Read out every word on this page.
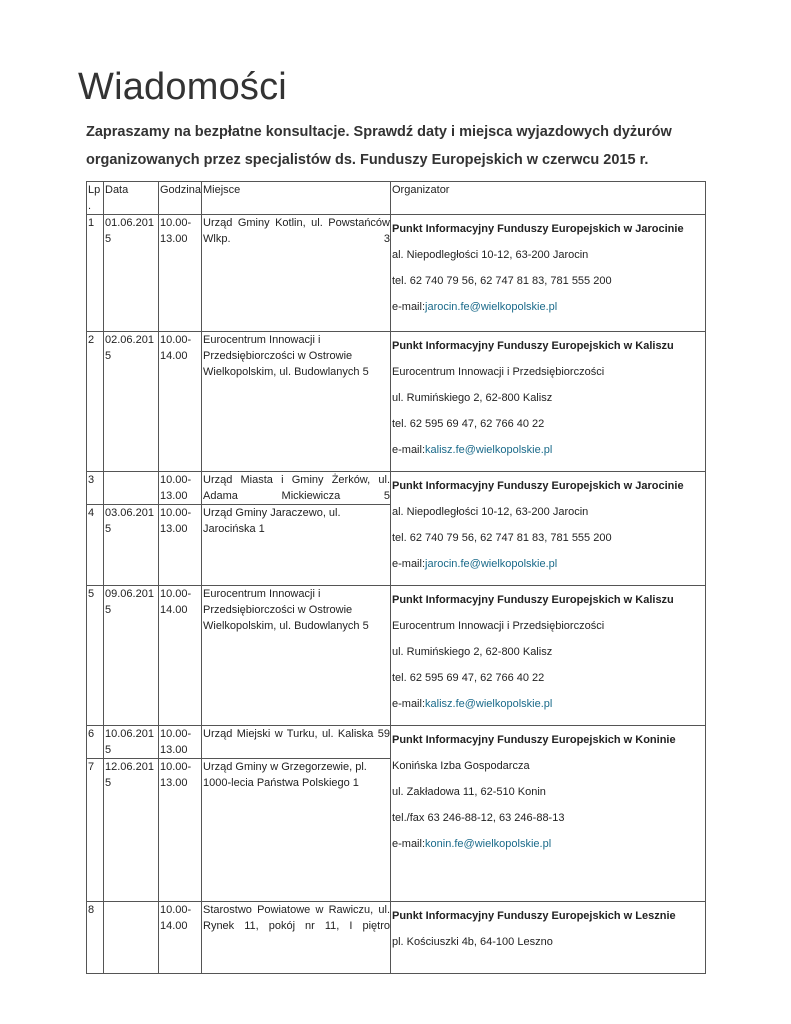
Wiadomości

Zapraszamy na bezpłatne konsultacje. Sprawdź daty i miejsca wyjazdowych dyżurów organizowanych przez specjalistów ds. Funduszy Europejskich w czerwcu 2015 r.

Lp.	Data	Godzina	Miejsce	Organizator
1	01.06.2015	10.00-13.00	Urząd Gminy Kotlin, ul. Powstańców Wlkp. 3	Punkt Informacyjny Funduszy Europejskich w Jarocinie
al. Niepodległości 10-12, 63-200 Jarocin
tel. 62 740 79 56, 62 747 81 83, 781 555 200
e-mail:jarocin.fe@wielkopolskie.pl

2	02.06.2015	10.00-14.00	Eurocentrum Innowacji i Przedsiębiorczości w Ostrowie Wielkopolskim, ul. Budowlanych 5	Punkt Informacyjny Funduszy Europejskich w Kaliszu
Eurocentrum Innowacji i Przedsiębiorczości
ul. Rumińskiego 2, 62-800 Kalisz
tel. 62 595 69 47, 62 766 40 22
e-mail:kalisz.fe@wielkopolskie.pl

3		10.00-13.00	Urząd Miasta i Gminy Żerków, ul. Adama Mickiewicza 5	Punkt Informacyjny Funduszy Europejskich w Jarocinie
al. Niepodległości 10-12, 63-200 Jarocin
tel. 62 740 79 56, 62 747 81 83, 781 555 200
e-mail:jarocin.fe@wielkopolskie.pl

4	03.06.2015	10.00-13.00	Urząd Gminy Jaraczewo, ul. Jarocińska 1	
5	09.06.2015	10.00-14.00	Eurocentrum Innowacji i Przedsiębiorczości w Ostrowie Wielkopolskim, ul. Budowlanych 5	Punkt Informacyjny Funduszy Europejskich w Kaliszu
Eurocentrum Innowacji i Przedsiębiorczości
ul. Rumińskiego 2, 62-800 Kalisz
tel. 62 595 69 47, 62 766 40 22
e-mail:kalisz.fe@wielkopolskie.pl

6	10.06.2015	10.00-13.00	Urząd Miejski w Turku, ul. Kaliska 59	Punkt Informacyjny Funduszy Europejskich w Koninie
Konińska Izba Gospodarcza
ul. Zakładowa 11, 62-510 Konin
tel./fax 63 246-88-12, 63 246-88-13
e-mail:konin.fe@wielkopolskie.pl

7	12.06.2015	10.00-13.00	Urząd Gminy w Grzegorzewie, pl. 1000-lecia Państwa Polskiego 1	
8		10.00-14.00	Starostwo Powiatowe w Rawiczu, ul. Rynek 11, pokój nr 11, I piętro	Punkt Informacyjny Funduszy Europejskich w Lesznie
pl. Kościuszki 4b, 64-100 Leszno
